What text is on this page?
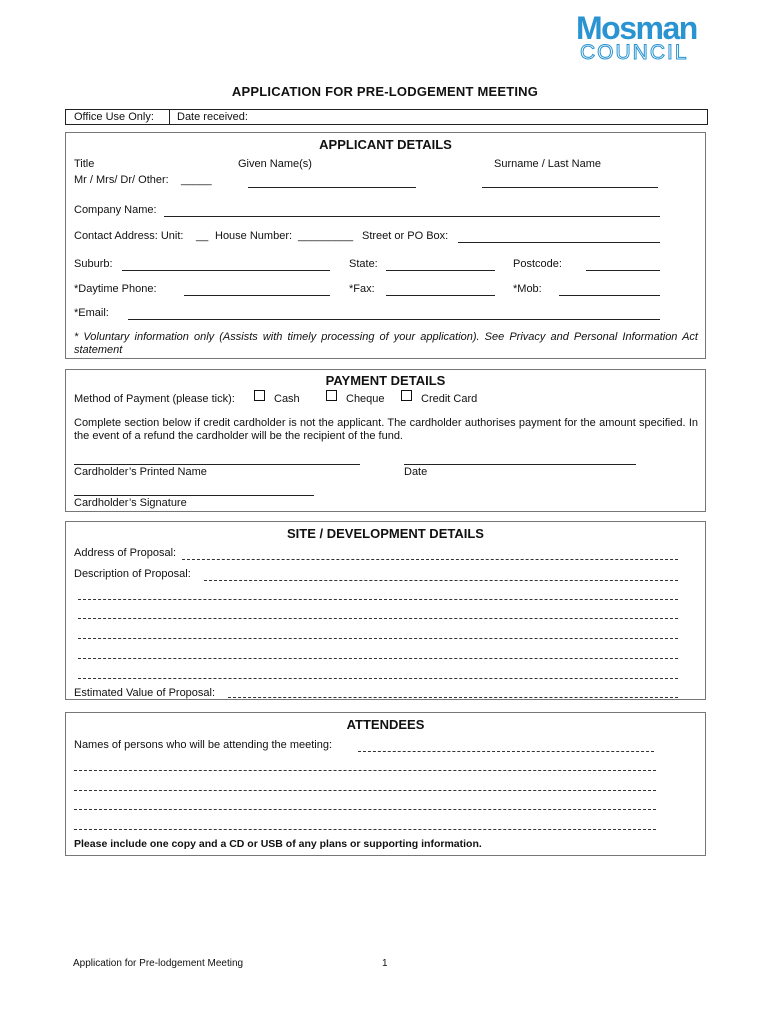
Mosman
COUNCIL
APPLICATION FOR PRE-LODGEMENT MEETING
Office Use Only: Date received:
APPLICANT DETAILS
Title	Given Name(s)	Surname / Last Name
Mr / Mrs/ Dr/ Other: _____
Company Name:
Contact Address: Unit: __ House Number: _________ Street or PO Box:
Suburb:	State:	Postcode:
*Daytime Phone:	*Fax:	*Mob:
*Email:
* Voluntary information only (Assists with timely processing of your application). See Privacy and Personal Information Act statement
PAYMENT DETAILS
Method of Payment (please tick):	Cash	Cheque	Credit Card
Complete section below if credit cardholder is not the applicant. The cardholder authorises payment for the amount specified. In the event of a refund the cardholder will be the recipient of the fund.
Cardholder’s Printed Name	Date
Cardholder’s Signature
SITE / DEVELOPMENT DETAILS
Address of Proposal:
Description of Proposal:
Estimated Value of Proposal:
ATTENDEES
Names of persons who will be attending the meeting:
Please include one copy and a CD or USB of any plans or supporting information.
Application for Pre-lodgement Meeting	1
